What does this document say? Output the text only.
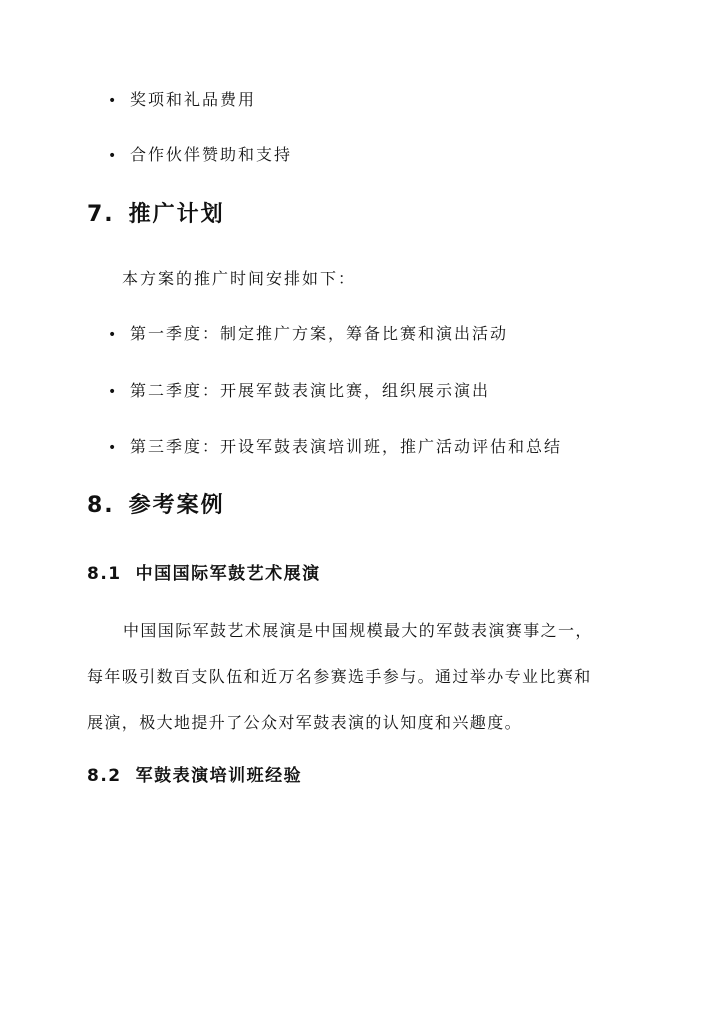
• 奖项和礼品费用
• 合作伙伴赞助和支持
7. 推广计划
本方案的推广时间安排如下：
• 第一季度：制定推广方案，筹备比赛和演出活动
• 第二季度：开展军鼓表演比赛，组织展示演出
• 第三季度：开设军鼓表演培训班，推广活动评估和总结
8. 参考案例
8.1 中国国际军鼓艺术展演
中国国际军鼓艺术展演是中国规模最大的军鼓表演赛事之一，
每年吸引数百支队伍和近万名参赛选手参与。通过举办专业比赛和
展演，极大地提升了公众对军鼓表演的认知度和兴趣度。
8.2 军鼓表演培训班经验
